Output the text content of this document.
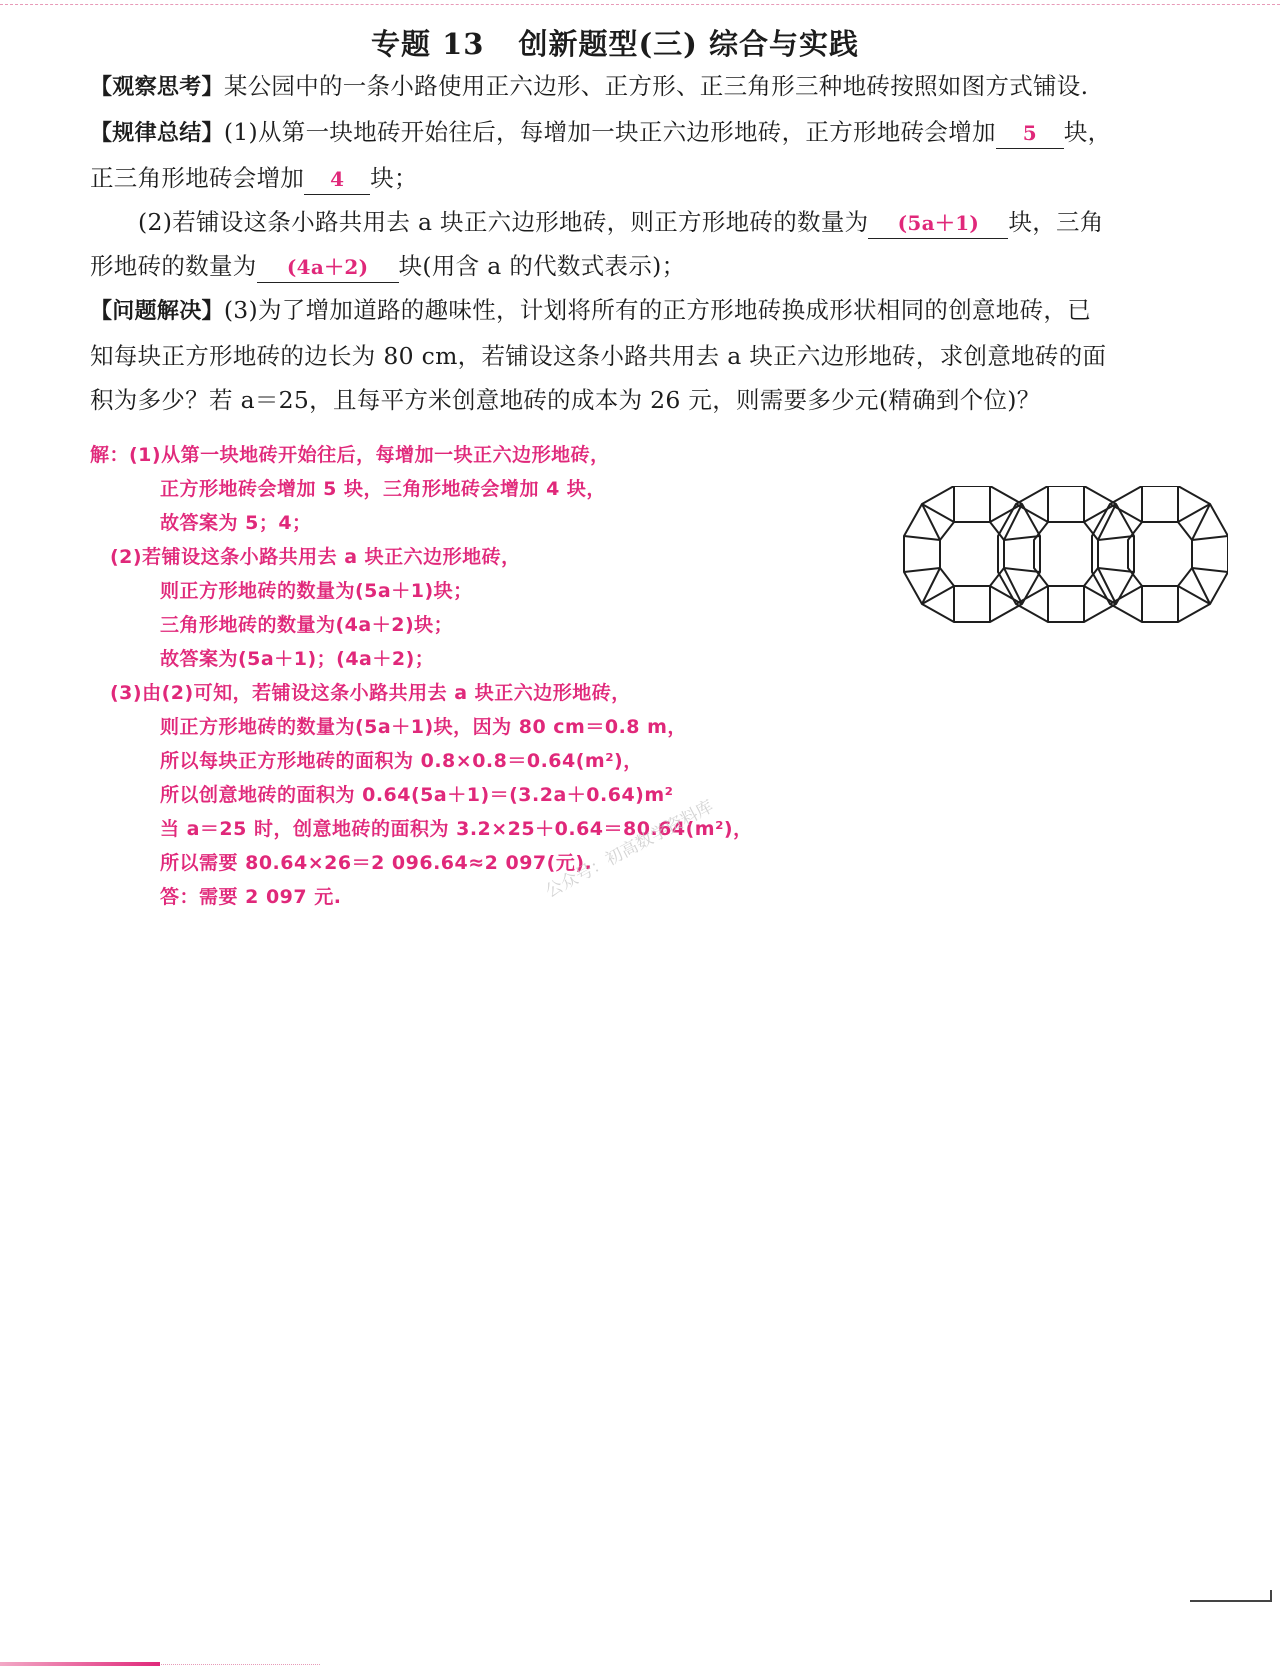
专题 13 创新题型(三) 综合与实践

【观察思考】某公园中的一条小路使用正六边形、正方形、正三角形三种地砖按照如图方式铺设.

【规律总结】(1)从第一块地砖开始往后，每增加一块正六边形地砖，正方形地砖会增加 5 块，
正三角形地砖会增加 4 块；

(2)若铺设这条小路共用去 a 块正六边形地砖，则正方形地砖的数量为 (5a＋1) 块，三角

形地砖的数量为 (4a＋2) 块(用含 a 的代数式表示)；

【问题解决】(3)为了增加道路的趣味性，计划将所有的正方形地砖换成形状相同的创意地砖，已
知每块正方形地砖的边长为 80 cm，若铺设这条小路共用去 a 块正六边形地砖，求创意地砖的面
积为多少？若 a＝25，且每平方米创意地砖的成本为 26 元，则需要多少元(精确到个位)？

解：(1)从第一块地砖开始往后，每增加一块正六边形地砖，

正方形地砖会增加 5 块，三角形地砖会增加 4 块，

故答案为 5；4；

(2)若铺设这条小路共用去 a 块正六边形地砖，

则正方形地砖的数量为(5a＋1)块；

三角形地砖的数量为(4a＋2)块；

故答案为(5a＋1)；(4a＋2)；

(3)由(2)可知，若铺设这条小路共用去 a 块正六边形地砖，

则正方形地砖的数量为(5a＋1)块，因为 80 cm＝0.8 m，

所以每块正方形地砖的面积为 0.8×0.8＝0.64(m²)，

所以创意地砖的面积为 0.64(5a＋1)＝(3.2a＋0.64)m²

当 a＝25 时，创意地砖的面积为 3.2×25＋0.64＝80.64(m²)，

所以需要 80.64×26＝2 096.64≈2 097(元).

答：需要 2 097 元.	公众号：初高数学资料库
